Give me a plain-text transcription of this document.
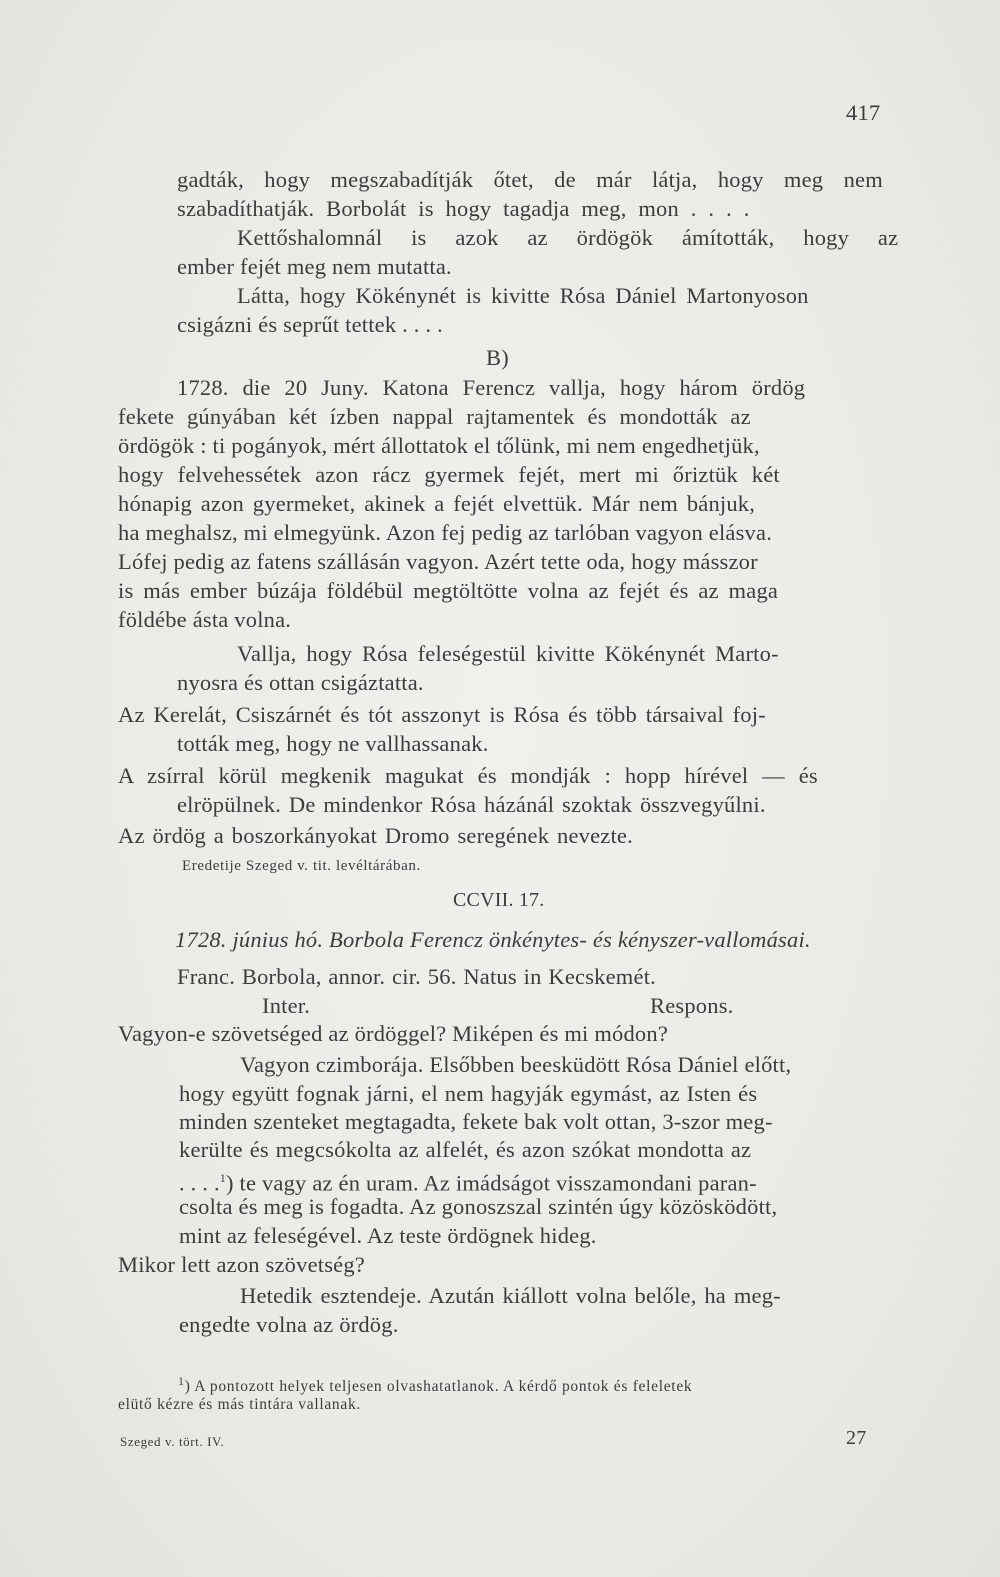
417
gadták, hogy megszabadítják őtet, de már látja, hogy meg nem
szabadíthatják. Borbolát is hogy tagadja meg, mon . . . .
Kettőshalomnál is azok az ördögök ámították, hogy az
ember fejét meg nem mutatta.
Látta, hogy Kökénynét is kivitte Rósa Dániel Martonyoson
csigázni és seprűt tettek . . . .
B)
1728. die 20 Juny. Katona Ferencz vallja, hogy három ördög
fekete gúnyában két ízben nappal rajtamentek és mondották az
ördögök : ti pogányok, mért állottatok el tőlünk, mi nem engedhetjük,
hogy felvehessétek azon rácz gyermek fejét, mert mi őriztük két
hónapig azon gyermeket, akinek a fejét elvettük. Már nem bánjuk,
ha meghalsz, mi elmegyünk. Azon fej pedig az tarlóban vagyon elásva.
Lófej pedig az fatens szállásán vagyon. Azért tette oda, hogy másszor
is más ember búzája földébül megtöltötte volna az fejét és az maga
földébe ásta volna.
Vallja, hogy Rósa feleségestül kivitte Kökénynét Marto-
nyosra és ottan csigáztatta.
Az Kerelát, Csiszárnét és tót asszonyt is Rósa és több társaival foj-
tották meg, hogy ne vallhassanak.
A zsírral körül megkenik magukat és mondják : hopp hírével — és
elröpülnek. De mindenkor Rósa házánál szoktak összvegyűlni.
Az ördög a boszorkányokat Dromo seregének nevezte.
Eredetije Szeged v. tit. levéltárában.
CCVII. 17.
1728. június hó. Borbola Ferencz önkénytes- és kényszer-vallomásai.
Franc. Borbola, annor. cir. 56. Natus in Kecskemét.
Inter.	Respons.
Vagyon-e szövetséged az ördöggel? Miképen és mi módon?
Vagyon czimborája. Elsőbben beesküdött Rósa Dániel előtt,
hogy együtt fognak járni, el nem hagyják egymást, az Isten és
minden szenteket megtagadta, fekete bak volt ottan, 3-szor meg-
kerülte és megcsókolta az alfelét, és azon szókat mondotta az
. . . .$^1$) te vagy az én uram. Az imádságot visszamondani paran-
csolta és meg is fogadta. Az gonoszszal szintén úgy közösködött,
mint az feleségével. Az teste ördögnek hideg.
Mikor lett azon szövetség?
Hetedik esztendeje. Azután kiállott volna belőle, ha meg-
engedte volna az ördög.
$^1$) A pontozott helyek teljesen olvashatatlanok. A kérdő pontok és feleletek
elütő kézre és más tintára vallanak.
Szeged v. tört. IV.	27
